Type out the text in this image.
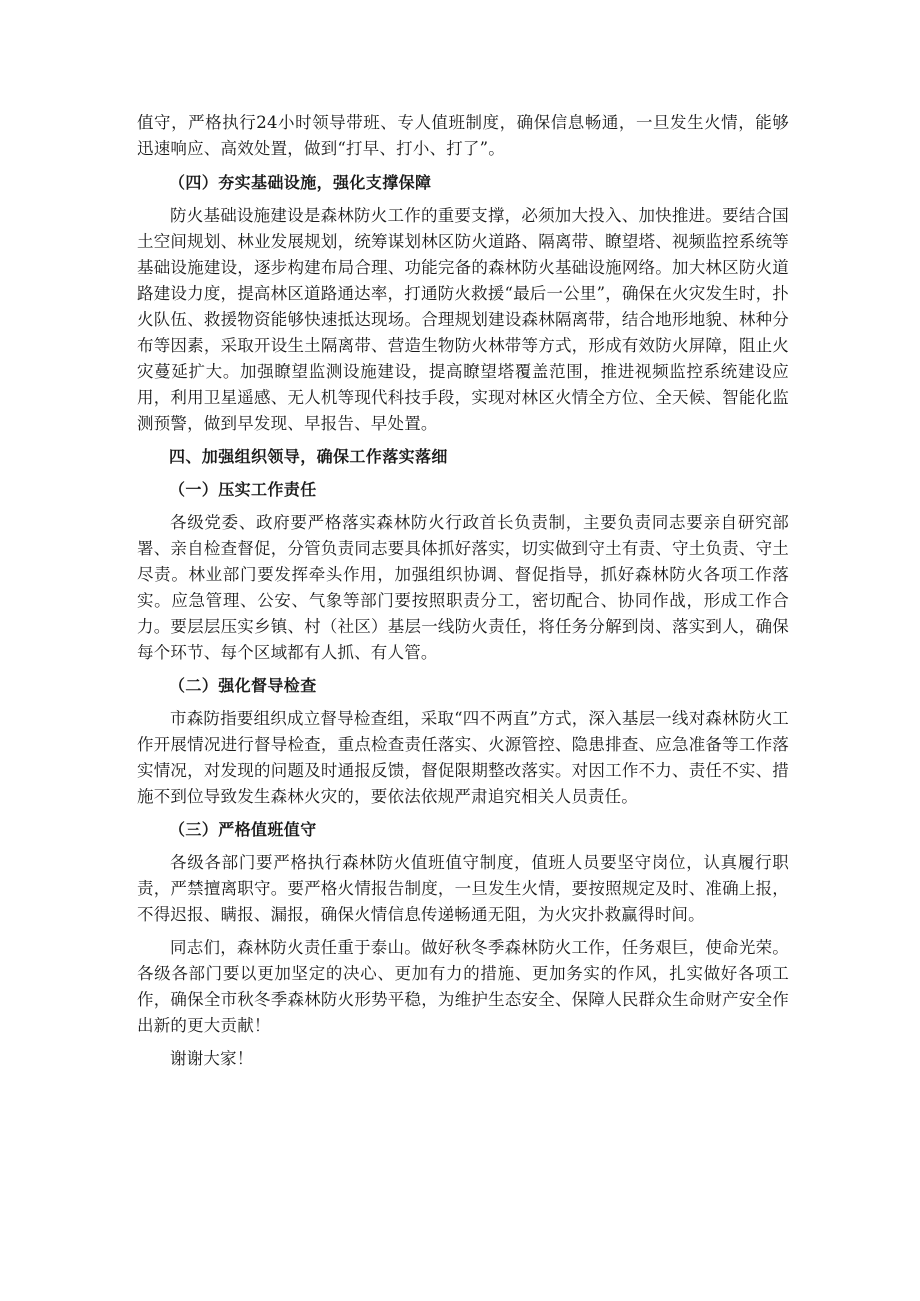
值守，严格执行24小时领导带班、专人值班制度，确保信息畅通，一旦发生火情，能够迅速响应、高效处置，做到“打早、打小、打了”。

（四）夯实基础设施，强化支撑保障

防火基础设施建设是森林防火工作的重要支撑，必须加大投入、加快推进。要结合国土空间规划、林业发展规划，统筹谋划林区防火道路、隔离带、瞭望塔、视频监控系统等基础设施建设，逐步构建布局合理、功能完备的森林防火基础设施网络。加大林区防火道路建设力度，提高林区道路通达率，打通防火救援“最后一公里”，确保在火灾发生时，扑火队伍、救援物资能够快速抵达现场。合理规划建设森林隔离带，结合地形地貌、林种分布等因素，采取开设生土隔离带、营造生物防火林带等方式，形成有效防火屏障，阻止火灾蔓延扩大。加强瞭望监测设施建设，提高瞭望塔覆盖范围，推进视频监控系统建设应用，利用卫星遥感、无人机等现代科技手段，实现对林区火情全方位、全天候、智能化监测预警，做到早发现、早报告、早处置。

四、加强组织领导，确保工作落实落细

（一）压实工作责任

各级党委、政府要严格落实森林防火行政首长负责制，主要负责同志要亲自研究部署、亲自检查督促，分管负责同志要具体抓好落实，切实做到守土有责、守土负责、守土尽责。林业部门要发挥牵头作用，加强组织协调、督促指导，抓好森林防火各项工作落实。应急管理、公安、气象等部门要按照职责分工，密切配合、协同作战，形成工作合力。要层层压实乡镇、村（社区）基层一线防火责任，将任务分解到岗、落实到人，确保每个环节、每个区域都有人抓、有人管。

（二）强化督导检查

市森防指要组织成立督导检查组，采取“四不两直”方式，深入基层一线对森林防火工作开展情况进行督导检查，重点检查责任落实、火源管控、隐患排查、应急准备等工作落实情况，对发现的问题及时通报反馈，督促限期整改落实。对因工作不力、责任不实、措施不到位导致发生森林火灾的，要依法依规严肃追究相关人员责任。

（三）严格值班值守

各级各部门要严格执行森林防火值班值守制度，值班人员要坚守岗位，认真履行职责，严禁擅离职守。要严格火情报告制度，一旦发生火情，要按照规定及时、准确上报，不得迟报、瞒报、漏报，确保火情信息传递畅通无阻，为火灾扑救赢得时间。

同志们，森林防火责任重于泰山。做好秋冬季森林防火工作，任务艰巨，使命光荣。各级各部门要以更加坚定的决心、更加有力的措施、更加务实的作风，扎实做好各项工作，确保全市秋冬季森林防火形势平稳，为维护生态安全、保障人民群众生命财产安全作出新的更大贡献！

谢谢大家！
